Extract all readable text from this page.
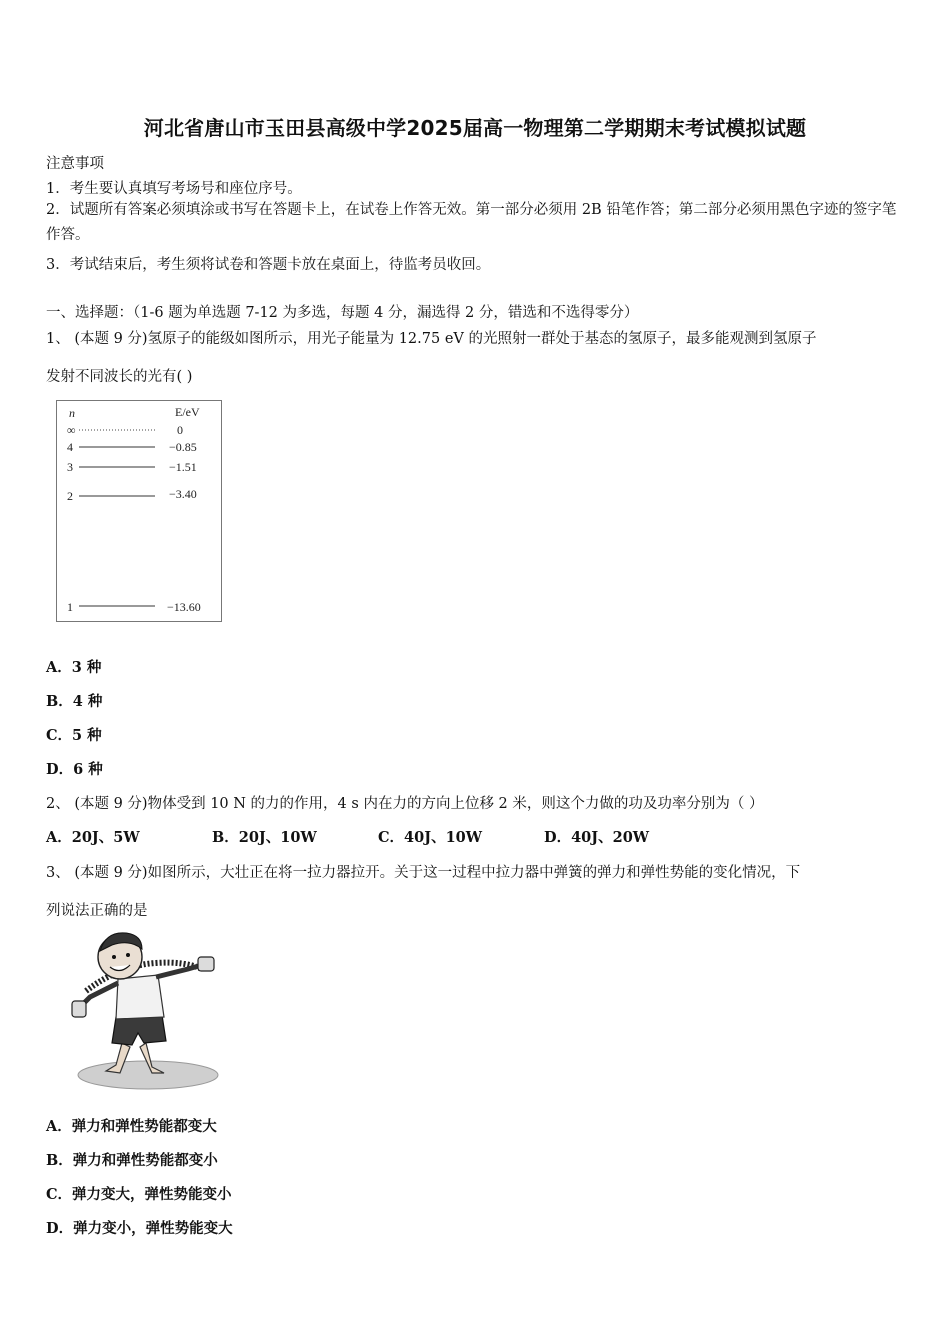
河北省唐山市玉田县高级中学2025届高一物理第二学期期末考试模拟试题
注意事项
1．考生要认真填写考场号和座位序号。
2．试题所有答案必须填涂或书写在答题卡上，在试卷上作答无效。第一部分必须用 2B 铅笔作答；第二部分必须用黑色字迹的签字笔作答。
3．考试结束后，考生须将试卷和答题卡放在桌面上，待监考员收回。
一、选择题：（1-6 题为单选题 7-12 为多选，每题 4 分，漏选得 2 分，错选和不选得零分）
1、 (本题 9 分)氢原子的能级如图所示，用光子能量为 12.75 eV 的光照射一群处于基态的氢原子，最多能观测到氢原子
发射不同波长的光有( )
n	E/eV
∞	0
4	−0.85
3	−1.51
2	−3.40
1	−13.60
A．3 种
B．4 种
C．5 种
D．6 种
2、 (本题 9 分)物体受到 10 N 的力的作用，4 s 内在力的方向上位移 2 米，则这个力做的功及功率分别为（ ）
A．20J、5W	B．20J、10W	C．40J、10W	D．40J、20W
3、 (本题 9 分)如图所示，大壮正在将一拉力器拉开。关于这一过程中拉力器中弹簧的弹力和弹性势能的变化情况，下
列说法正确的是
A．弹力和弹性势能都变大
B．弹力和弹性势能都变小
C．弹力变大，弹性势能变小
D．弹力变小，弹性势能变大
